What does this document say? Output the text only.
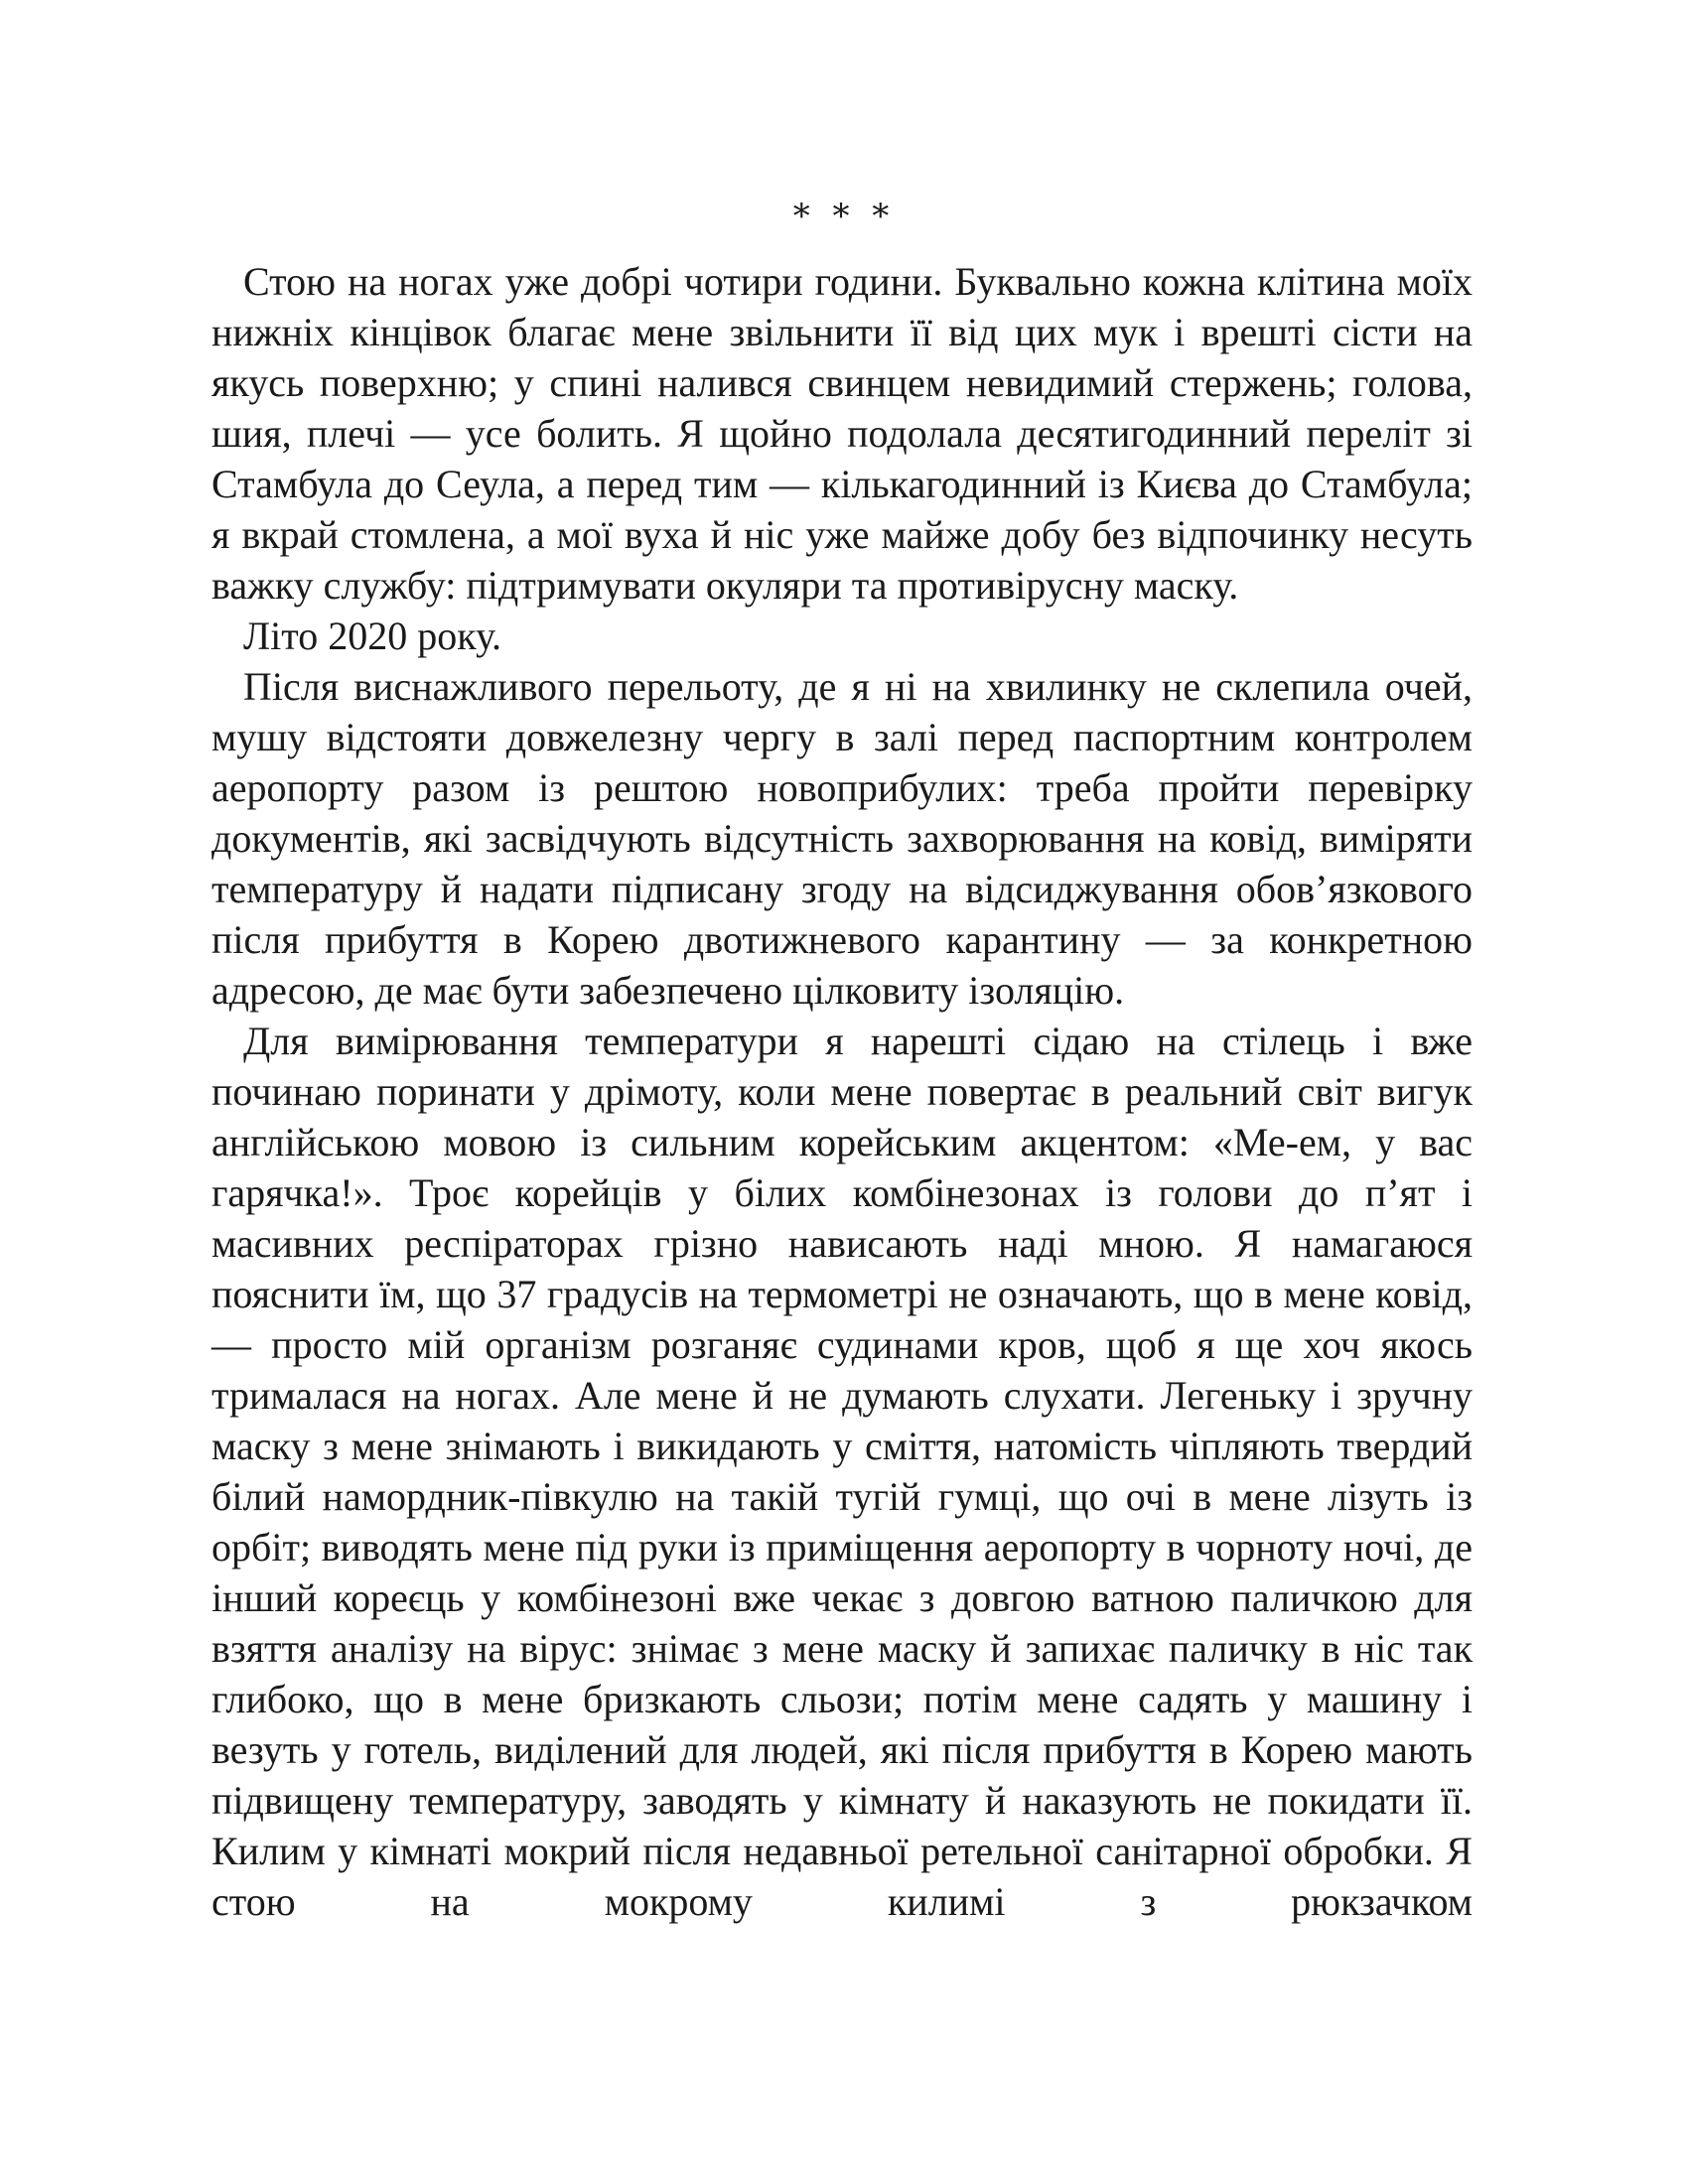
* * *

Стою на ногах уже добрі чотири години. Буквально кожна клітина моїх нижніх кінцівок благає мене звільнити її від цих мук і врешті сісти на якусь поверхню; у спині налився свинцем невидимий стержень; голова, шия, плечі — усе болить. Я щойно подолала десятигодинний переліт зі Стамбула до Сеула, а перед тим — кількагодинний із Києва до Стамбула; я вкрай стомлена, а мої вуха й ніс уже майже добу без відпочинку несуть важку службу: підтримувати окуляри та противірусну маску.

Літо 2020 року.

Після виснажливого перельоту, де я ні на хвилинку не склепила очей, мушу відстояти довжелезну чергу в залі перед паспортним контролем аеропорту разом із рештою новоприбулих: треба пройти перевірку документів, які засвідчують відсутність захворювання на ковід, виміряти температуру й надати підписану згоду на відсиджування обов’язкового після прибуття в Корею двотижневого карантину — за конкретною адресою, де має бути забезпечено цілковиту ізоляцію.

Для вимірювання температури я нарешті сідаю на стілець і вже починаю поринати у дрімоту, коли мене повертає в реальний світ вигук англійською мовою із сильним корейським акцентом: «Ме-ем, у вас гарячка!». Троє корейців у білих комбінезонах із голови до п’ят і масивних респіраторах грізно нависають наді мною. Я намагаюся пояснити їм, що 37 градусів на термометрі не означають, що в мене ковід, — просто мій організм розганяє судинами кров, щоб я ще хоч якось трималася на ногах. Але мене й не думають слухати. Легеньку і зручну маску з мене знімають і викидають у сміття, натомість чіпляють твердий білий намордник-півкулю на такій тугій гумці, що очі в мене лізуть із орбіт; виводять мене під руки із приміщення аеропорту в чорноту ночі, де інший кореєць у комбінезоні вже чекає з довгою ватною паличкою для взяття аналізу на вірус: знімає з мене маску й запихає паличку в ніс так глибоко, що в мене бризкають сльози; потім мене садять у машину і везуть у готель, виділений для людей, які після прибуття в Корею мають підвищену температуру, заводять у кімнату й наказують не покидати її. Килим у кімнаті мокрий після недавньої ретельної санітарної обробки. Я стою на мокрому килимі з рюкзачком
